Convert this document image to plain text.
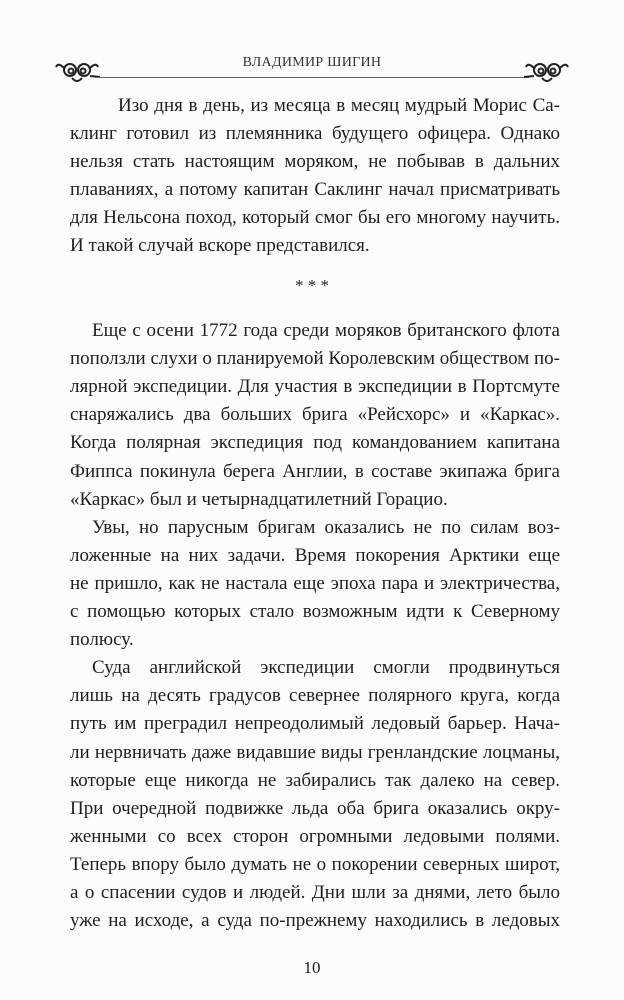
ВЛАДИМИР ШИГИН
Изо дня в день, из месяца в месяц мудрый Морис Са-
клинг готовил из племянника будущего офицера. Однако
нельзя стать настоящим моряком, не побывав в дальних
плаваниях, а потому капитан Саклинг начал присматривать
для Нельсона поход, который смог бы его многому научить.
И такой случай вскоре представился.
Еще с осени 1772 года среди моряков британского флота
поползли слухи о планируемой Королевским обществом по-
лярной экспедиции. Для участия в экспедиции в Портсмуте
снаряжались два больших брига «Рейсхорс» и «Каркас».
Когда полярная экспедиция под командованием капитана
Фиппса покинула берега Англии, в составе экипажа брига
«Каркас» был и четырнадцатилетний Горацио.
Увы, но парусным бригам оказались не по силам воз-
ложенные на них задачи. Время покорения Арктики еще
не пришло, как не настала еще эпоха пара и электричества,
с помощью которых стало возможным идти к Северному
полюсу.
Суда английской экспедиции смогли продвинуться
лишь на десять градусов севернее полярного круга, когда
путь им преградил непреодолимый ледовый барьер. Нача-
ли нервничать даже видавшие виды гренландские лоцманы,
которые еще никогда не забирались так далеко на север.
При очередной подвижке льда оба брига оказались окру-
женными со всех сторон огромными ледовыми полями.
Теперь впору было думать не о покорении северных широт,
а о спасении судов и людей. Дни шли за днями, лето было
уже на исходе, а суда по-прежнему находились в ледовых
* * *
10
